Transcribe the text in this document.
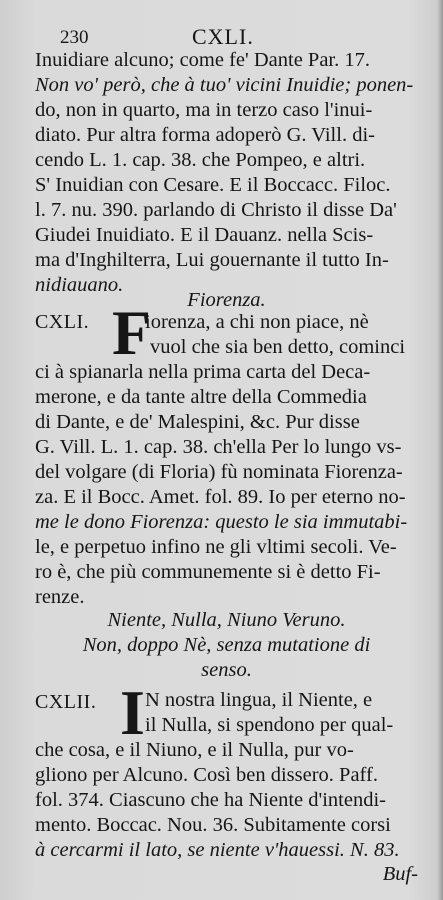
230	CXLI.
Inuidiare alcuno; come fe' Dante Par. 17.
Non vo' però, che à tuo' vicini Inuidie; ponen-
do, non in quarto, ma in terzo caso l'inui-
diato. Pur altra forma adoperò G. Vill. di-
cendo L. 1. cap. 38. che Pompeo, e altri.
S' Inuidian con Cesare. E il Boccacc. Filoc.
l. 7. nu. 390. parlando di Christo il disse Da'
Giudei Inuidiato. E il Dauanz. nella Scis-
ma d'Inghilterra, Lui gouernante il tutto In-
nidiauano.
Fiorenza.
CXLI. F
iorenza, a chi non piace, nè
vuol che sia ben detto, cominci
ci à spianarla nella prima carta del Deca-
merone, e da tante altre della Commedia
di Dante, e de' Malespini, &c. Pur disse
G. Vill. L. 1. cap. 38. ch'ella Per lo lungo vs-
del volgare (di Floria) fù nominata Fiorenza-
za. E il Bocc. Amet. fol. 89. Io per eterno no-
me le dono Fiorenza: questo le sia immutabi-
le, e perpetuo infino ne gli vltimi secoli. Ve-
ro è, che più communemente si è detto Fi-
renze.
Niente, Nulla, Niuno Veruno.
Non, doppo Nè, senza mutatione di
senso.
CXLII. I N nostra lingua, il Niente, e
il Nulla, si spendono per qual-
che cosa, e il Niuno, e il Nulla, pur vo-
gliono per Alcuno. Così ben dissero. Paff.
fol. 374. Ciascuno che ha Niente d'intendi-
mento. Boccac. Nou. 36. Subitamente corsi
à cercarmi il lato, se niente v'hauessi. N. 83.
Buf-
